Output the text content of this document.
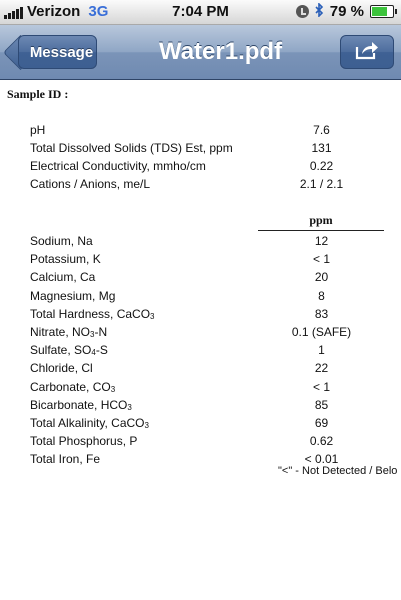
Verizon 3G	7:04 PM	79 %
Message	Water1.pdf
Sample ID :
pH	7.6
Total Dissolved Solids (TDS) Est, ppm	131
Electrical Conductivity, mmho/cm	0.22
Cations / Anions, me/L	2.1 / 2.1
ppm
Sodium, Na	12
Potassium, K	< 1
Calcium, Ca	20
Magnesium, Mg	8
Total Hardness, CaCO$_3$	83
Nitrate, $NO_3-N$	0.1 (SAFE)
Sulfate, $SO_4-S$	1
Chloride, Cl	22
Carbonate, $CO_3$	< 1
Bicarbonate, $HCO_3$	85
Total Alkalinity, CaCO$_3$	69
Total Phosphorus, P	0.62
Total Iron, Fe	< 0.01
"<" - Not Detected / Belo
